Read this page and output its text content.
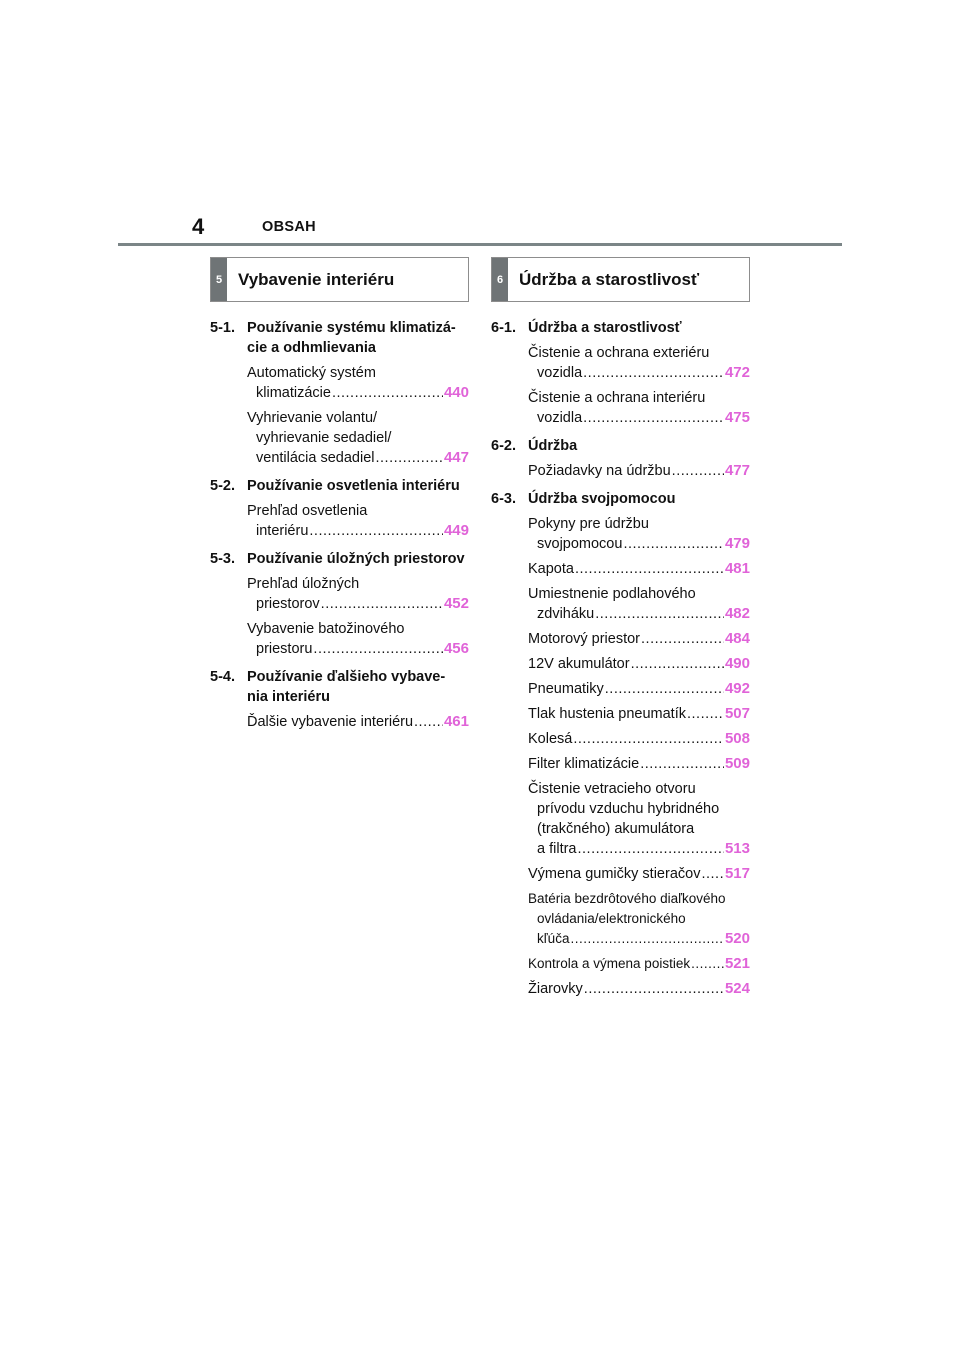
4	OBSAH
5 Vybavenie interiéru
5-1. Používanie systému klimatizá-
cie a odhmlievania
Automatický systém
klimatizácie .....	440
Vyhrievanie volantu/
vyhrievanie sedadiel/
ventilácia sedadiel .....	447
5-2. Používanie osvetlenia interiéru
Prehľad osvetlenia
interiéru .....	449
5-3. Používanie úložných priestorov
Prehľad úložných
priestorov .....	452
Vybavenie batožinového
priestoru .....	456
5-4. Používanie ďalšieho vybave-
nia interiéru
Ďalšie vybavenie interiéru ..... 461
6 Údržba a starostlivosť
6-1. Údržba a starostlivosť
Čistenie a ochrana exteriéru
vozidla .....	472
Čistenie a ochrana interiéru
vozidla .....	475
6-2. Údržba
Požiadavky na údržbu .....	477
6-3. Údržba svojpomocou
Pokyny pre údržbu
svojpomocou .....	479
Kapota .....	481
Umiestnenie podlahového
zdviháku .....	482
Motorový priestor .....	484
12V akumulátor .....	490
Pneumatiky .....	492
Tlak hustenia pneumatík .....	507
Kolesá .....	508
Filter klimatizácie .....	509
Čistenie vetracieho otvoru
prívodu vzduchu hybridného
(trakčného) akumulátora
a filtra .....	513
Výmena gumičky stieračov ..... 517
Batéria bezdrôtového diaľkového
ovládania/elektronického
kľúča .....	520
Kontrola a výmena poistiek ..... 521
Žiarovky .....	524
